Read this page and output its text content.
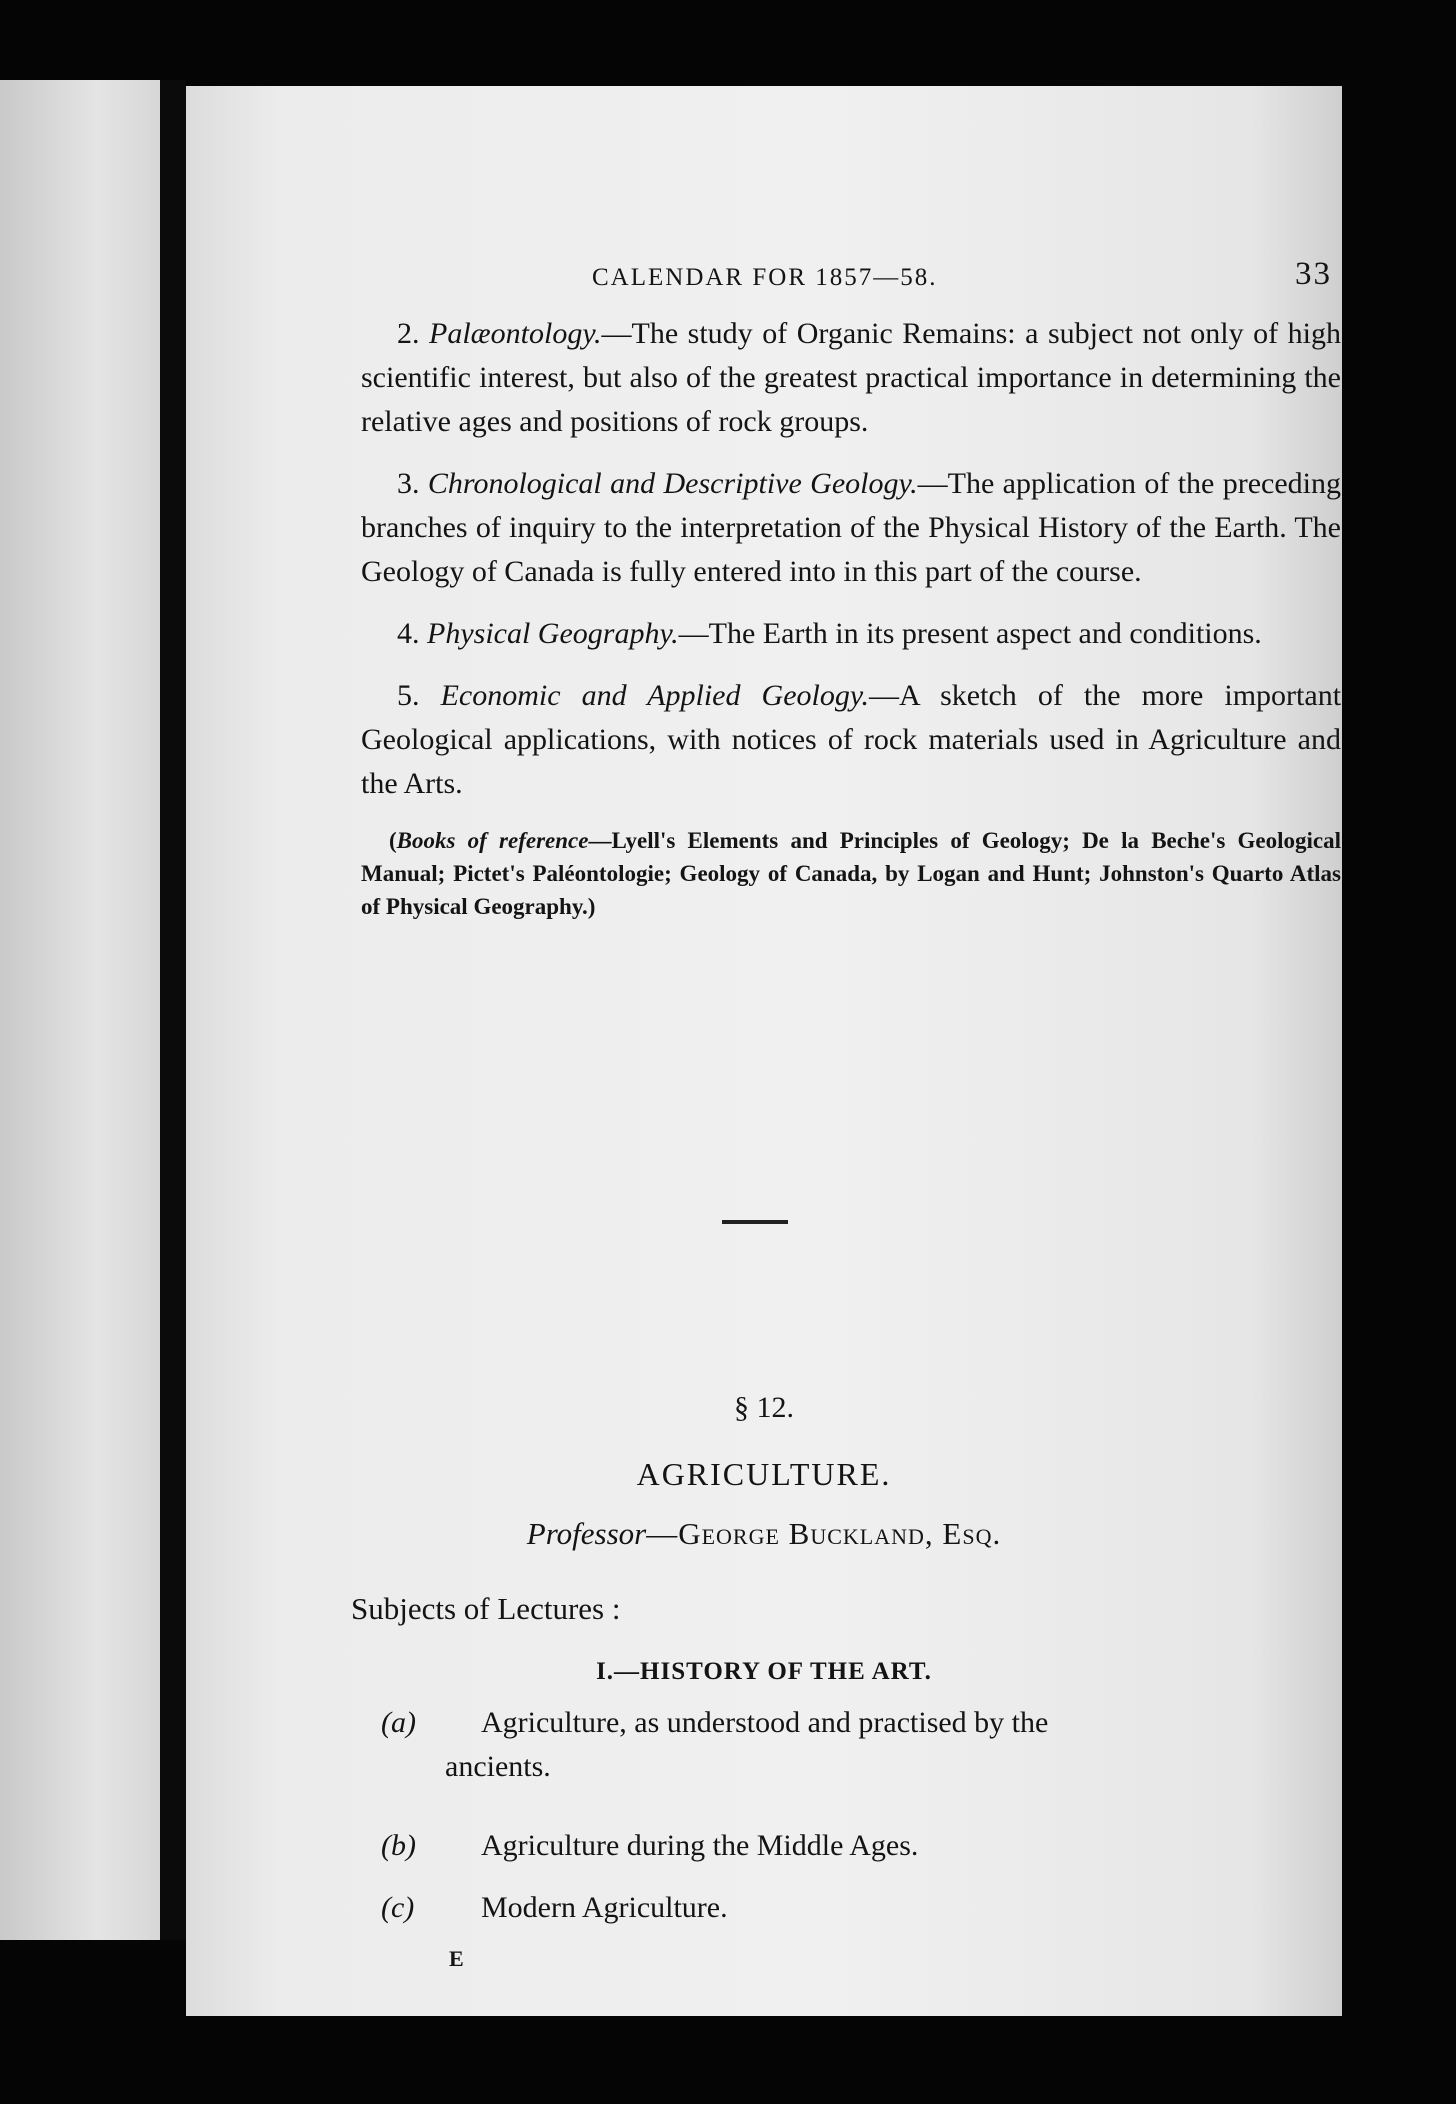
CALENDAR FOR 1857—58.	33

2. Palæontology.—The study of Organic Remains: a subject not only of high scientific interest, but also of the greatest practical importance in determining the relative ages and positions of rock groups.

3. Chronological and Descriptive Geology.—The application of the preceding branches of inquiry to the interpretation of the Physical History of the Earth. The Geology of Canada is fully entered into in this part of the course.

4. Physical Geography.—The Earth in its present aspect and conditions.

5. Economic and Applied Geology.—A sketch of the more important Geological applications, with notices of rock materials used in Agriculture and the Arts.

(Books of reference—Lyell's Elements and Principles of Geology; De la Beche's Geological Manual; Pictet's Paléontologie; Geology of Canada, by Logan and Hunt; Johnston's Quarto Atlas of Physical Geography.)
§ 12.
AGRICULTURE.
Professor—George Buckland, Esq.
Subjects of Lectures :
I.—HISTORY OF THE ART.
(a) Agriculture, as understood and practised by the
ancients.
(b) Agriculture during the Middle Ages.
(c) Modern Agriculture.
E
